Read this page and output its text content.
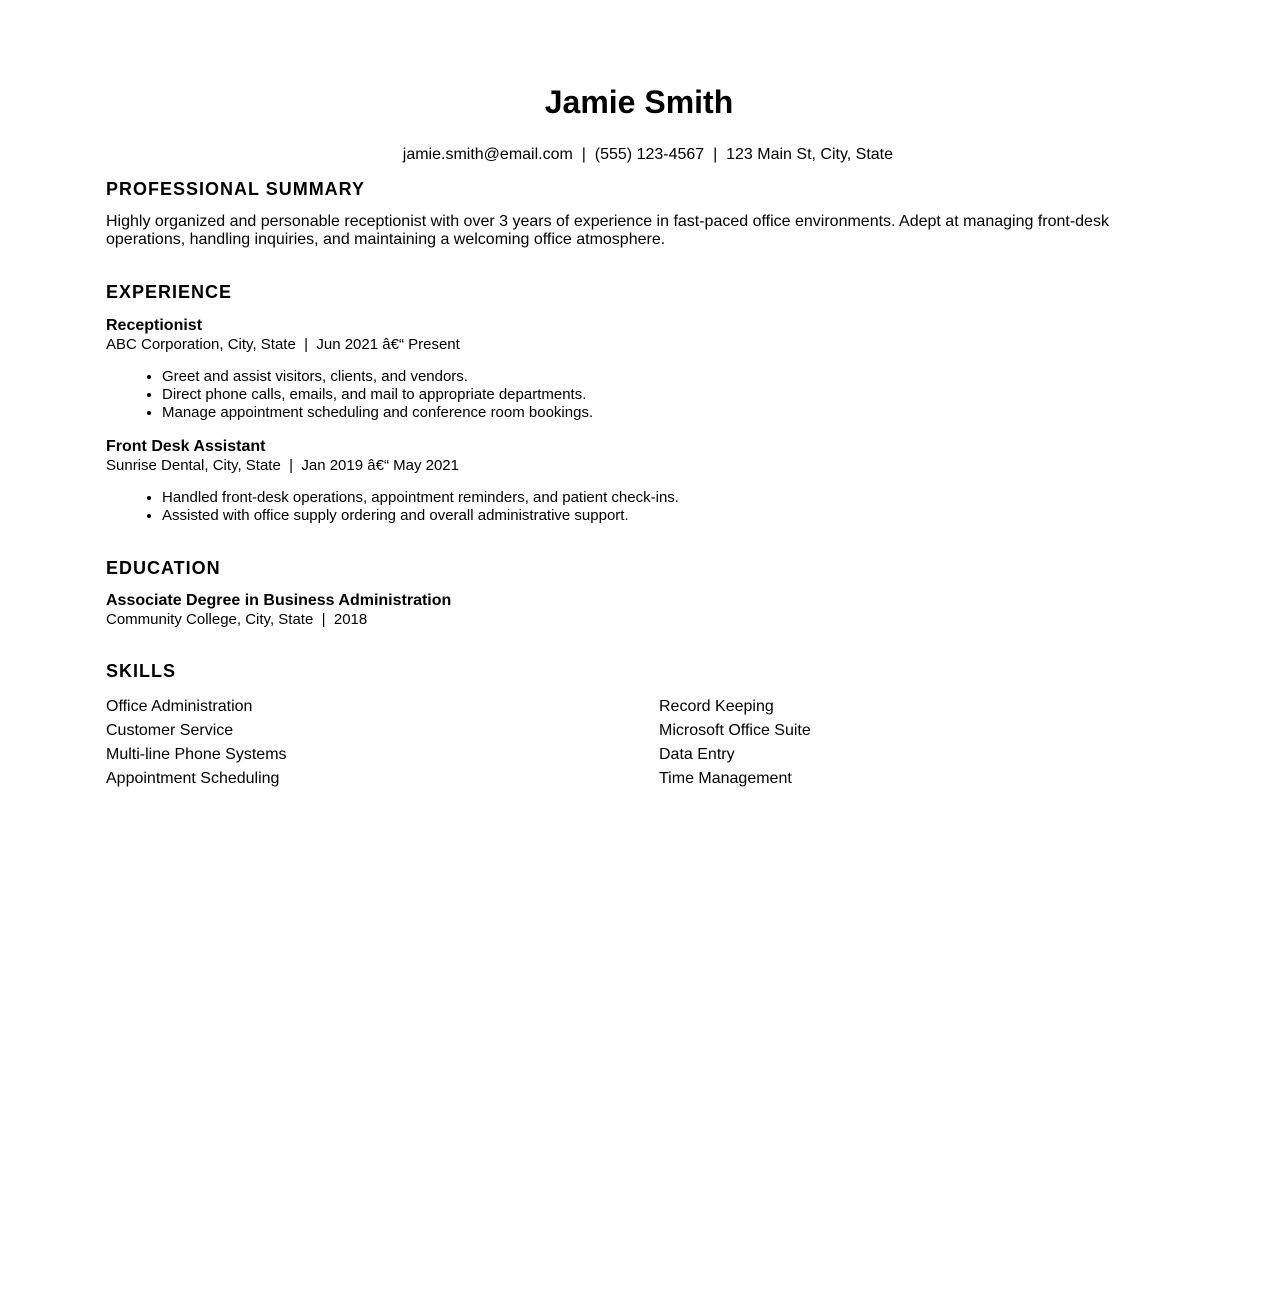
Jamie Smith

jamie.smith@email.com | (555) 123-4567 | 123 Main St, City, State

PROFESSIONAL SUMMARY

Highly organized and personable receptionist with over 3 years of experience in fast-paced office environments. Adept at managing front-desk operations, handling inquiries, and maintaining a welcoming office atmosphere.

EXPERIENCE
Receptionist
ABC Corporation, City, State  |  Jun 2021 â€“ Present
• Greet and assist visitors, clients, and vendors.
• Direct phone calls, emails, and mail to appropriate departments.
• Manage appointment scheduling and conference room bookings.
Front Desk Assistant
Sunrise Dental, City, State  |  Jan 2019 â€“ May 2021
• Handled front-desk operations, appointment reminders, and patient check-ins.
• Assisted with office supply ordering and overall administrative support.
EDUCATION
Associate Degree in Business Administration
Community College, City, State  |  2018
SKILLS
Office Administration	Record Keeping
Customer Service	Microsoft Office Suite
Multi-line Phone Systems	Data Entry
Appointment Scheduling	Time Management
